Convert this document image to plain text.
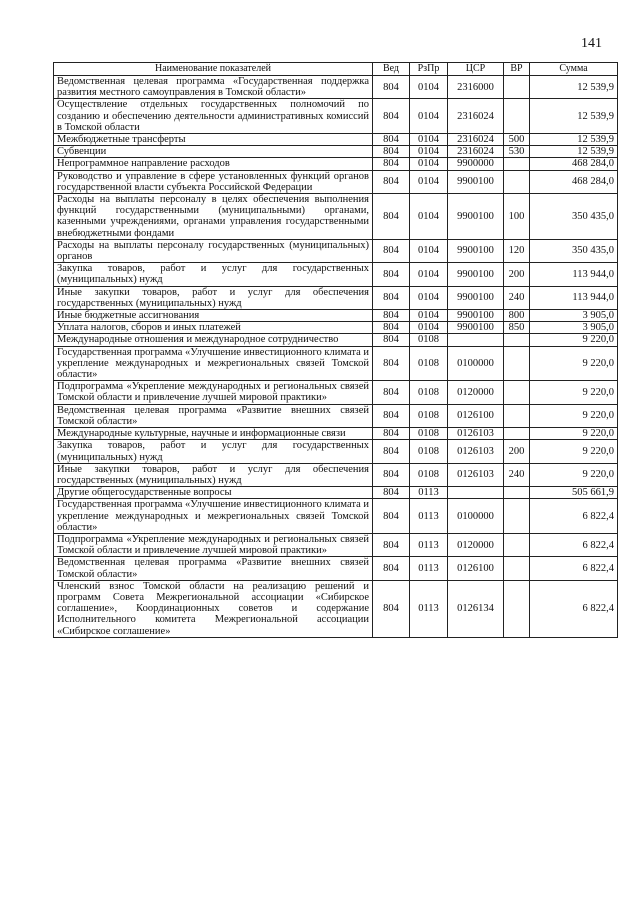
141
Наименование показателей	Вед	РзПр	ЦСР	ВР	Сумма
Ведомственная целевая программа «Государственная поддержка развития местного самоуправления в Томской области»	804	0104	2316000		12 539,9
Осуществление отдельных государственных полномочий по созданию и обеспечению деятельности административных комиссий в Томской области	804	0104	2316024		12 539,9
Межбюджетные трансферты	804	0104	2316024	500	12 539,9
Субвенции	804	0104	2316024	530	12 539,9
Непрограммное направление расходов	804	0104	9900000		468 284,0
Руководство и управление в сфере установленных функций органов государственной власти субъекта Российской Федерации	804	0104	9900100		468 284,0
Расходы на выплаты персоналу в целях обеспечения выполнения функций государственными (муниципальными) органами, казенными учреждениями, органами управления государственными внебюджетными фондами	804	0104	9900100	100	350 435,0
Расходы на выплаты персоналу государственных (муниципальных) органов	804	0104	9900100	120	350 435,0
Закупка товаров, работ и услуг для государственных (муниципальных) нужд	804	0104	9900100	200	113 944,0
Иные закупки товаров, работ и услуг для обеспечения государственных (муниципальных) нужд	804	0104	9900100	240	113 944,0
Иные бюджетные ассигнования	804	0104	9900100	800	3 905,0
Уплата налогов, сборов и иных платежей	804	0104	9900100	850	3 905,0
Международные отношения и международное сотрудничество	804	0108			9 220,0
Государственная программа «Улучшение инвестиционного климата и укрепление международных и межрегиональных связей Томской области»	804	0108	0100000		9 220,0
Подпрограмма «Укрепление международных и региональных связей Томской области и привлечение лучшей мировой практики»	804	0108	0120000		9 220,0
Ведомственная целевая программа «Развитие внешних связей Томской области»	804	0108	0126100		9 220,0
Международные культурные, научные и информационные связи	804	0108	0126103		9 220,0
Закупка товаров, работ и услуг для государственных (муниципальных) нужд	804	0108	0126103	200	9 220,0
Иные закупки товаров, работ и услуг для обеспечения государственных (муниципальных) нужд	804	0108	0126103	240	9 220,0
Другие общегосударственные вопросы	804	0113			505 661,9
Государственная программа «Улучшение инвестиционного климата и укрепление международных и межрегиональных связей Томской области»	804	0113	0100000		6 822,4
Подпрограмма «Укрепление международных и региональных связей Томской области и привлечение лучшей мировой практики»	804	0113	0120000		6 822,4
Ведомственная целевая программа «Развитие внешних связей Томской области»	804	0113	0126100		6 822,4
Членский взнос Томской области на реализацию решений и программ Совета Межрегиональной ассоциации «Сибирское соглашение», Координационных советов и содержание Исполнительного комитета Межрегиональной ассоциации «Сибирское соглашение»	804	0113	0126134		6 822,4
